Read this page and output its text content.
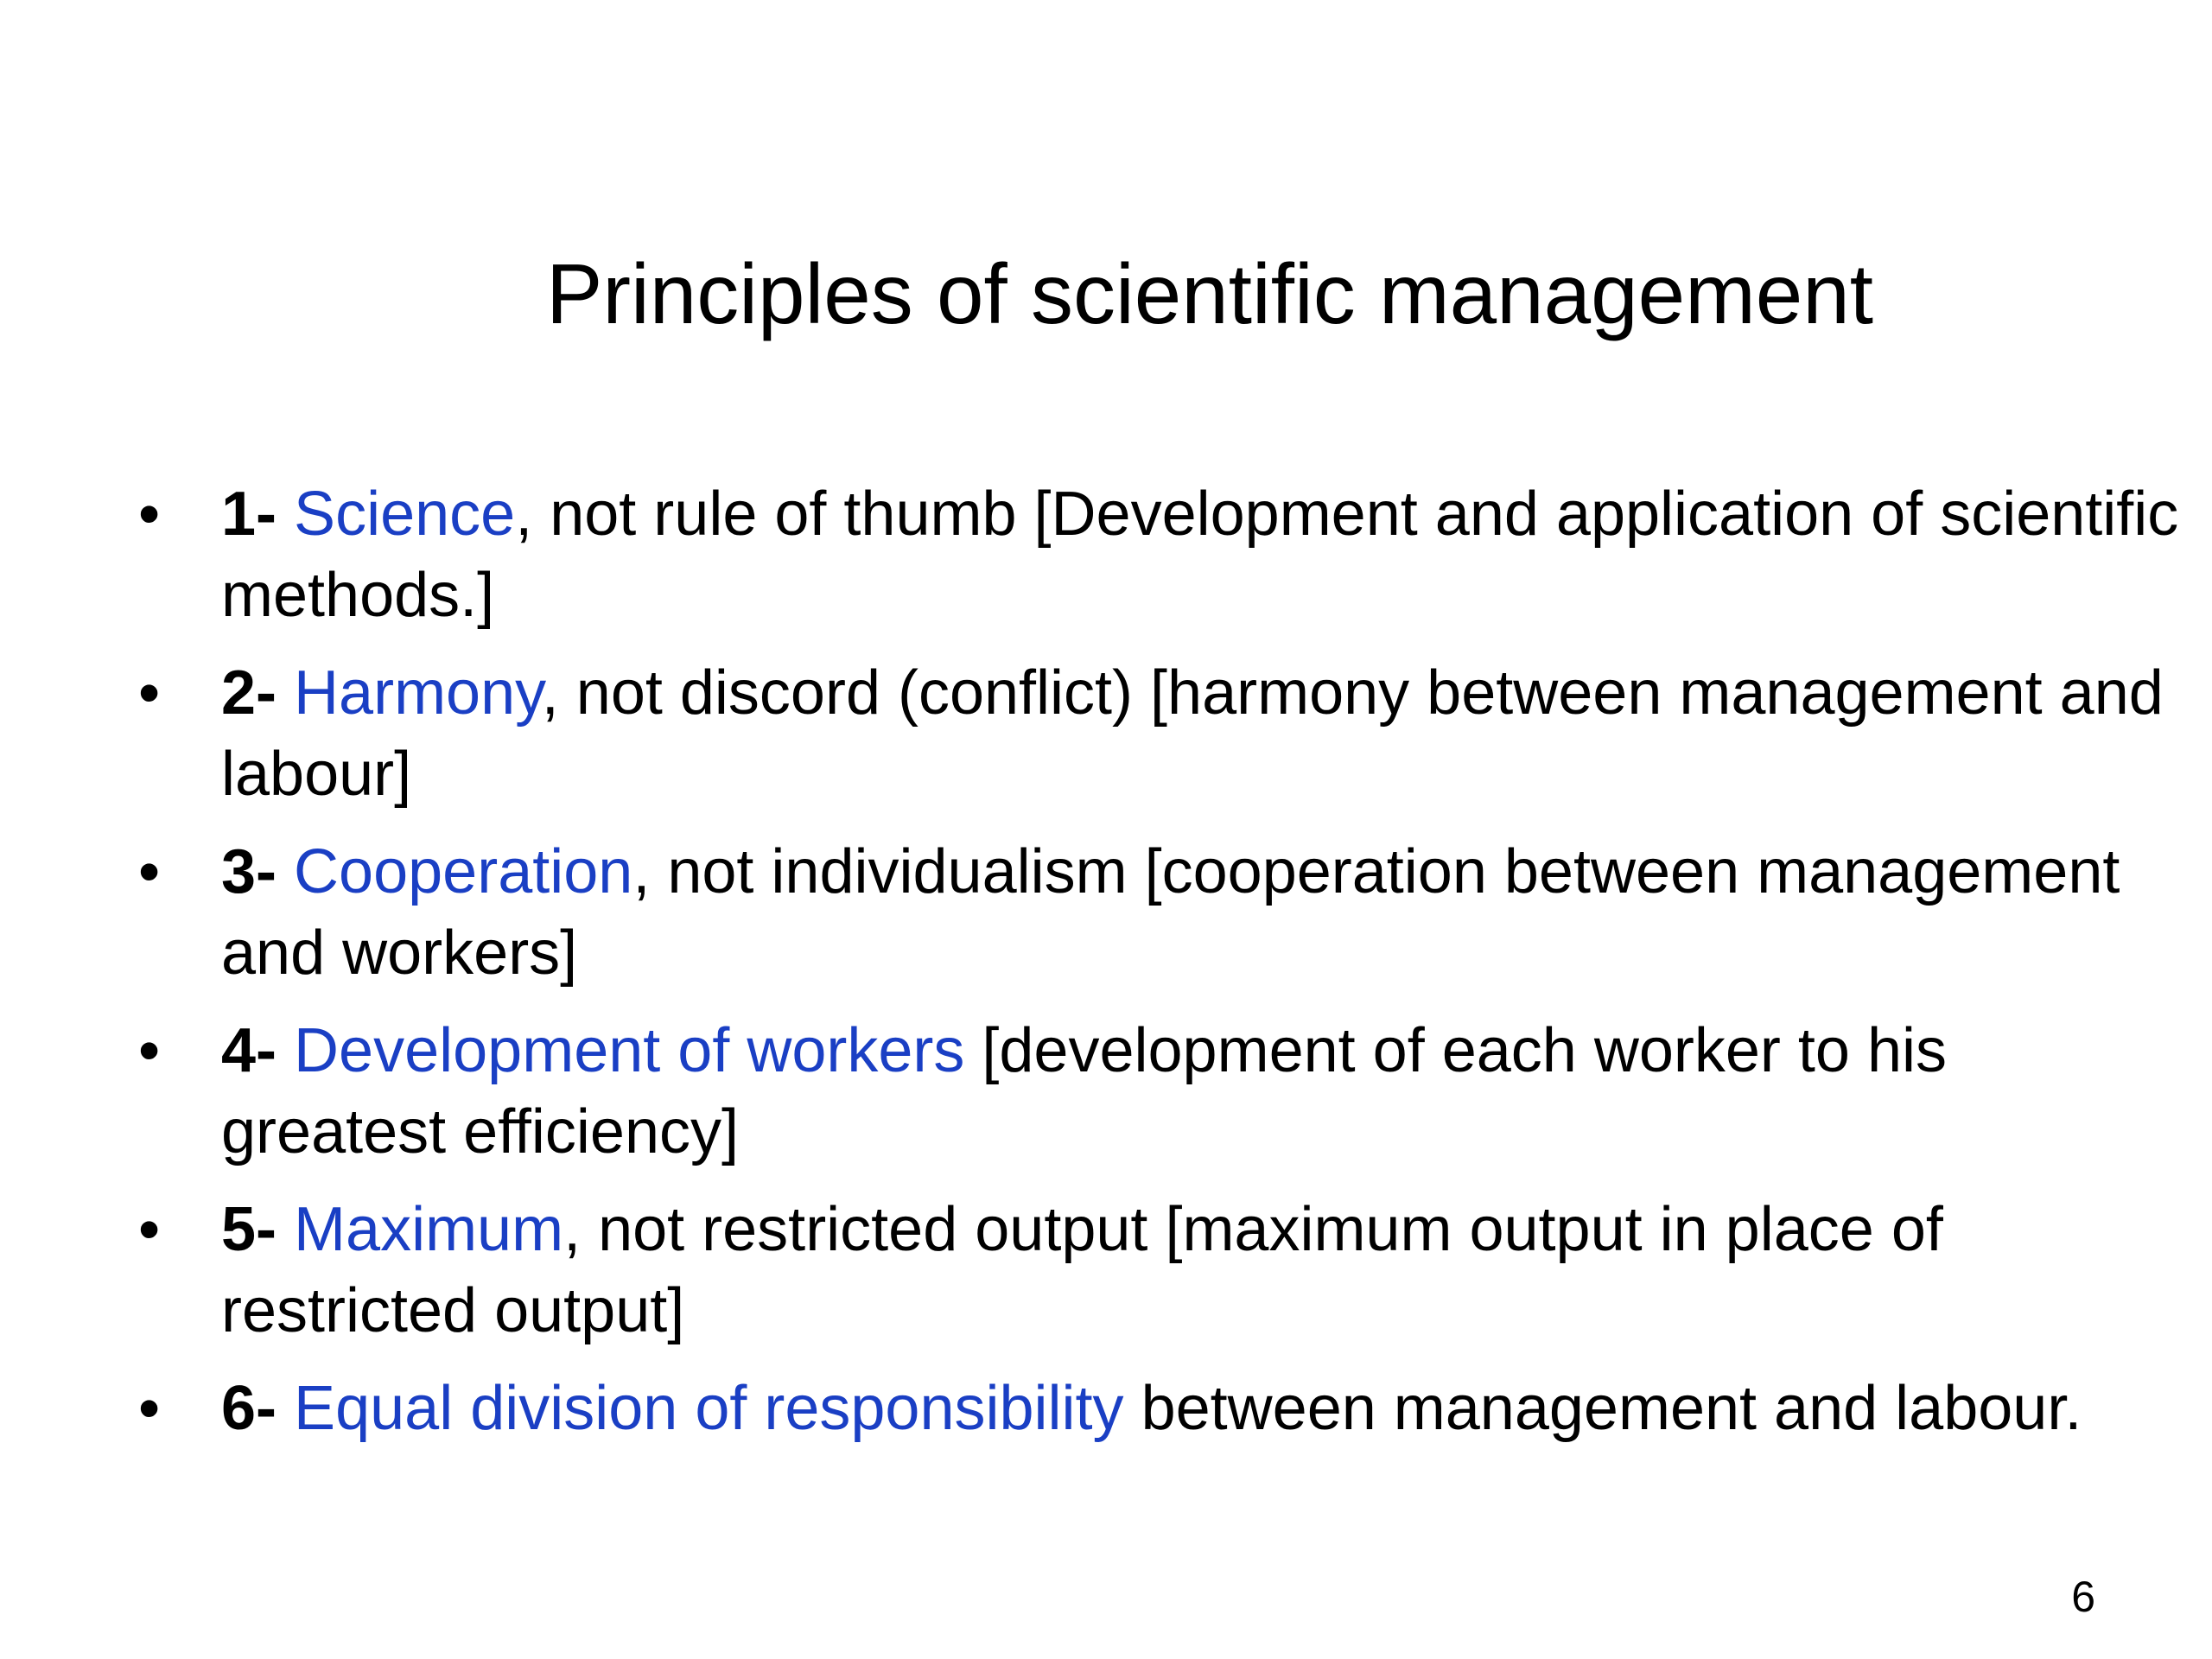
Principles of scientific management
• 1- Science, not rule of thumb [Development and application of scientific methods.]
• 2- Harmony, not discord (conflict) [harmony between management and labour]
• 3- Cooperation, not individualism [cooperation between management and workers]
• 4- Development of workers [development of each worker to his greatest efficiency]
• 5- Maximum, not restricted output [maximum output in place of restricted output]
• 6- Equal division of responsibility between management and labour.
6
